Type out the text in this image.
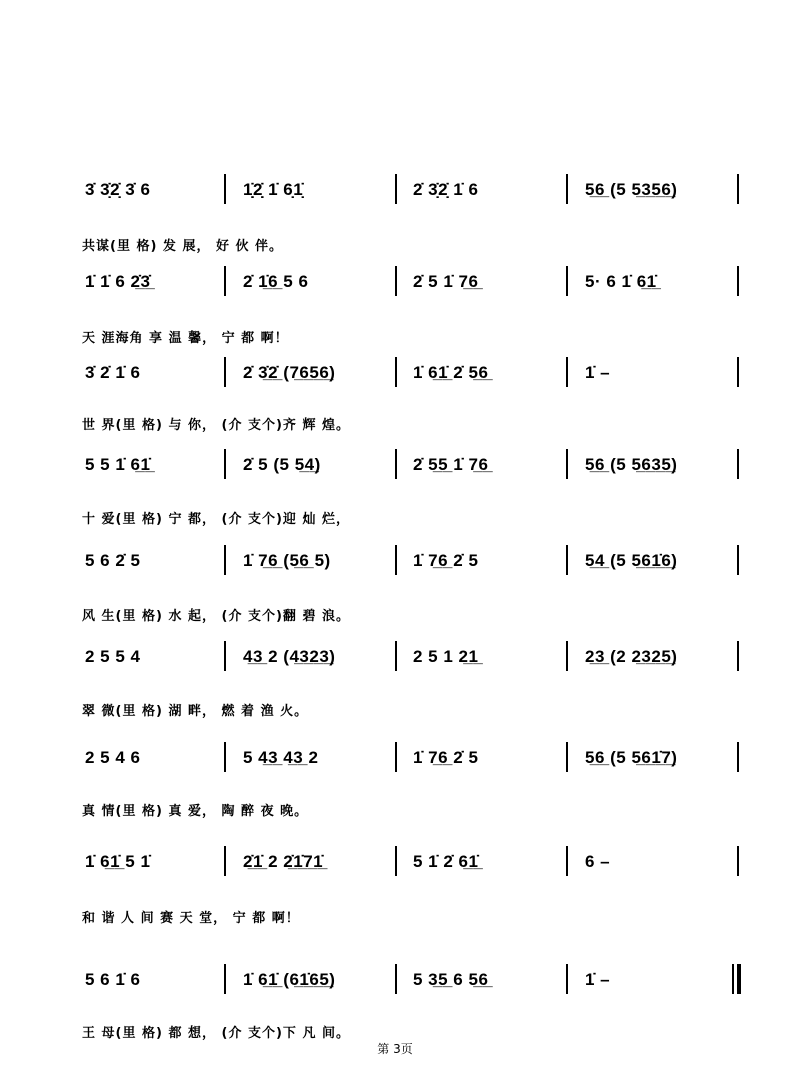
第 3页
3̇ 3̣̇2̣̇ 3̇ 6	1̣̣̇2̣̣̇ 1̇ 6̣1̣̇	2̇ 3̣̇2̣̇ 1̇ 6	5̲6̲ (5 5̲3̲5̲6̲)
共谋(里 格) 发 展， 好 伙 伴。
1̇ 1̇ 6 2̲̇3̲̇	2̇ 1̲̇6̲ 5 6	2̇ 5 1̇ 7̲6̲	5· 6 1̇ 6̲1̲̇
天 涯海角 享 温 馨， 宁 都 啊！
3̇ 2̇ 1̇ 6	2̇ 3̲̇2̲̇ (7̲6̲5̲6̲)	1̇ 6̲1̲̇ 2̇ 5̲6̲	1̇ –
世 界(里 格) 与 你， (介 支个)齐 辉 煌。
5 5 1̇ 6̲1̲̇	2̇ 5 (5 5̲4̲)	2̇ 5̲5̲ 1̇ 7̲6̲	5̲6̲ (5 5̲6̲3̲5̲)
十 爱(里 格) 宁 都， (介 支个)迎 灿 烂，
5 6 2̇ 5	1̇ 7̲6̲ (5̲6̲ 5)	1̇ 7̲6̲ 2̇ 5	5̲4̲ (5 5̲6̲1̲̇6̲)
风 生(里 格) 水 起， (介 支个)翻 碧 浪。
2 5 5 4	4̲3̲ 2 (4̲3̲2̲3̲)	2 5 1 2̲1̲	2̲3̲ (2 2̲3̲2̲5̲)
翠 微(里 格) 湖 畔， 燃 着 渔 火。
2 5 4 6	5 4̲3̲ 4̲3̲ 2	1̇ 7̲6̲ 2̇ 5	5̲6̲ (5 5̲6̲1̲̇7̲)
真 情(里 格) 真 爱， 陶 醉 夜 晚。
1̇ 6̲1̲̇ 5 1̇	2̲̇1̲̇ 2 2̲̇1̲̇7̲1̲̇	5 1̇ 2̇ 6̲1̲̇	6 –
和 谐 人 间 赛 天 堂， 宁 都 啊！
5 6 1̇ 6	1̇ 6̲1̲̇ (6̲1̲̇6̲5̲)	5 3̲5̲ 6 5̲6̲	1̇ –
王 母(里 格) 都 想， (介 支个)下 凡 间。
